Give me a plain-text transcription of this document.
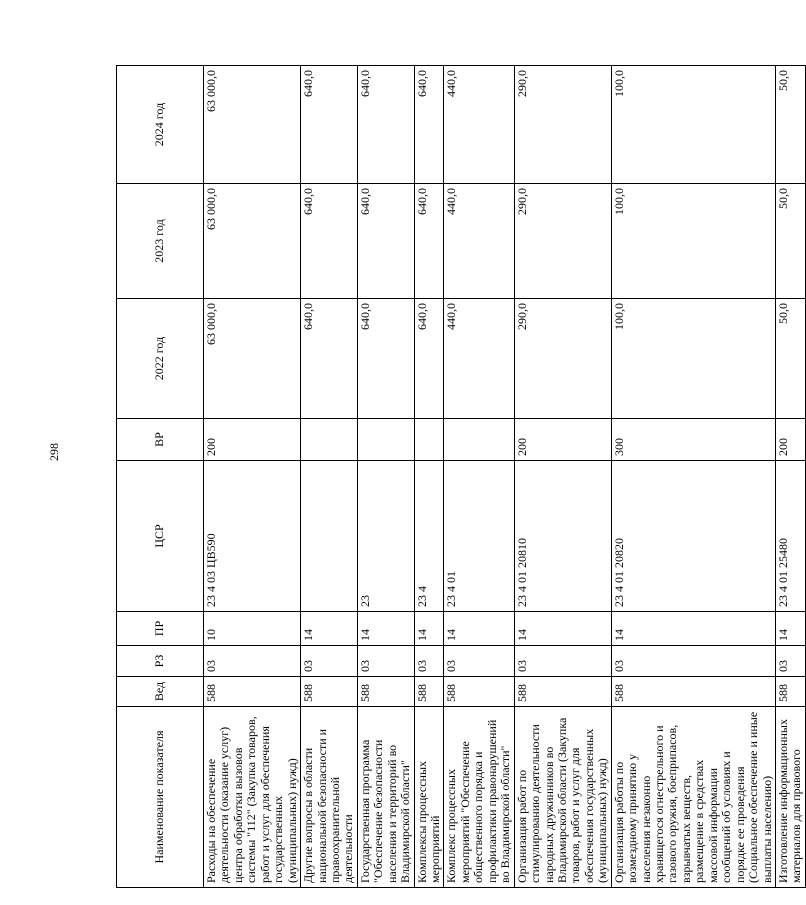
298
Наименование показателя	Вед	РЗ	ПР	ЦСР	ВР	2022 год	2023 год	2024 год
Расходы на обеспечение деятельности (оказание услуг) центра обработки вызовов системы "112" (Закупка товаров, работ и услуг для обеспечения государственных (муниципальных) нужд)	588	03	10	23 4 03 ЦВ590	200	63 000,0	63 000,0	63 000,0
Другие вопросы в области национальной безопасности и правоохранительной деятельности	588	03	14			640,0	640,0	640,0
Государственная программа "Обеспечение безопасности населения и территорий во Владимирской области"	588	03	14	23		640,0	640,0	640,0
Комплексы процессных мероприятий	588	03	14	23 4		640,0	640,0	640,0
Комплекс процессных мероприятий "Обеспечение общественного порядка и профилактики правонарушений во Владимирской области"	588	03	14	23 4 01		440,0	440,0	440,0
Организация работ по стимулированию деятельности народных дружинников во Владимирской области (Закупка товаров, работ и услуг для обеспечения государственных (муниципальных) нужд)	588	03	14	23 4 01 20810	200	290,0	290,0	290,0
Организация работы по возмездному принятию у населения незаконно хранящегося огнестрельного и газового оружия, боеприпасов, взрывчатых веществ, размещение в средствах массовой информации сообщений об условиях и порядке ее проведения (Социальное обеспечение и иные выплаты населению)	588	03	14	23 4 01 20820	300	100,0	100,0	100,0
Изготовление информационных материалов для правового	588	03	14	23 4 01 25480	200	50,0	50,0	50,0
